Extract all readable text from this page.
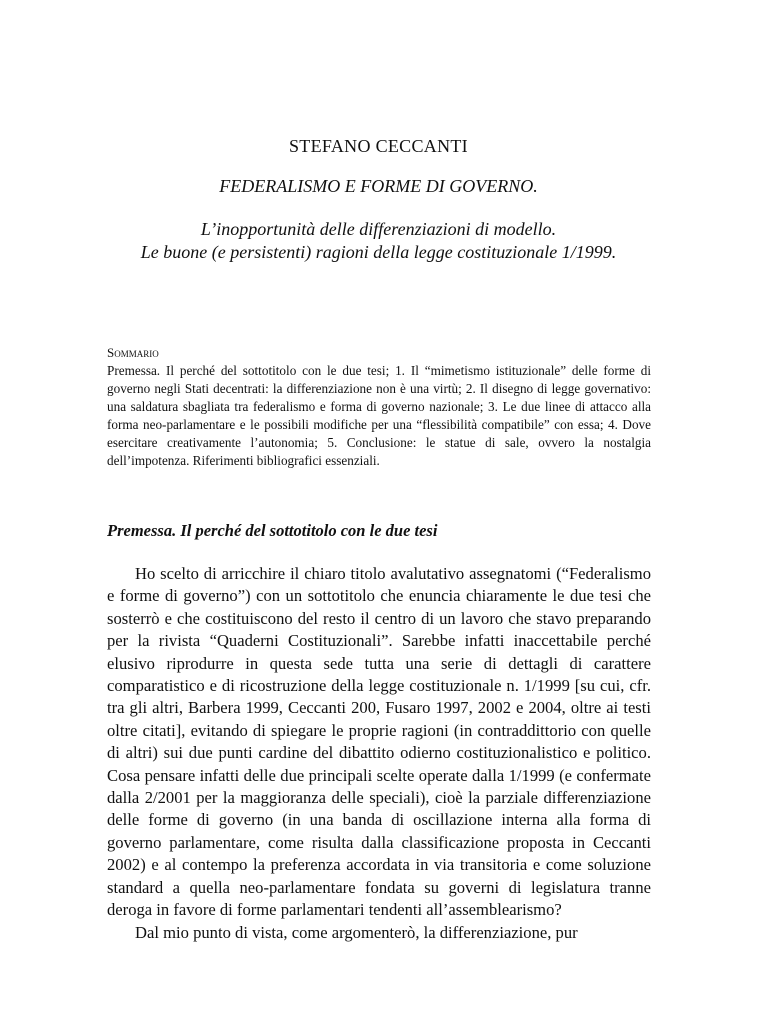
STEFANO CECCANTI
FEDERALISMO E FORME DI GOVERNO.
L’inopportunità delle differenziazioni di modello.
Le buone (e persistenti) ragioni della legge costituzionale 1/1999.
Sommario
Premessa. Il perché del sottotitolo con le due tesi; 1. Il “mimetismo istituzionale” delle forme di governo negli Stati decentrati: la differenziazione non è una virtù; 2. Il disegno di legge governativo: una saldatura sbagliata tra federalismo e forma di governo nazionale; 3. Le due linee di attacco alla forma neo-parlamentare e le possibili modifiche per una “flessibilità compatibile” con essa; 4. Dove esercitare creativamente l’autonomia; 5. Conclusione: le statue di sale, ovvero la nostalgia dell’impotenza. Riferimenti bibliografici essenziali.
Premessa. Il perché del sottotitolo con le due tesi

Ho scelto di arricchire il chiaro titolo avalutativo assegnatomi (“Federalismo e forme di governo”) con un sottotitolo che enuncia chiaramente le due tesi che sosterrò e che costituiscono del resto il centro di un lavoro che stavo preparando per la rivista “Quaderni Costituzionali”. Sarebbe infatti inaccettabile perché elusivo riprodurre in questa sede tutta una serie di dettagli di carattere comparatistico e di ricostruzione della legge costituzionale n. 1/1999 [su cui, cfr. tra gli altri, Barbera 1999, Ceccanti 200, Fusaro 1997, 2002 e 2004, oltre ai testi oltre citati], evitando di spiegare le proprie ragioni (in contraddittorio con quelle di altri) sui due punti cardine del dibattito odierno costituzionalistico e politico. Cosa pensare infatti delle due principali scelte operate dalla 1/1999 (e confermate dalla 2/2001 per la maggioranza delle speciali), cioè la parziale differenziazione delle forme di governo (in una banda di oscillazione interna alla forma di governo parlamentare, come risulta dalla classificazione proposta in Ceccanti 2002) e al contempo la preferenza accordata in via transitoria e come soluzione standard a quella neo-parlamentare fondata su governi di legislatura tranne deroga in favore di forme parlamentari tendenti all’assemblearismo?

Dal mio punto di vista, come argomenterò, la differenziazione, pur
